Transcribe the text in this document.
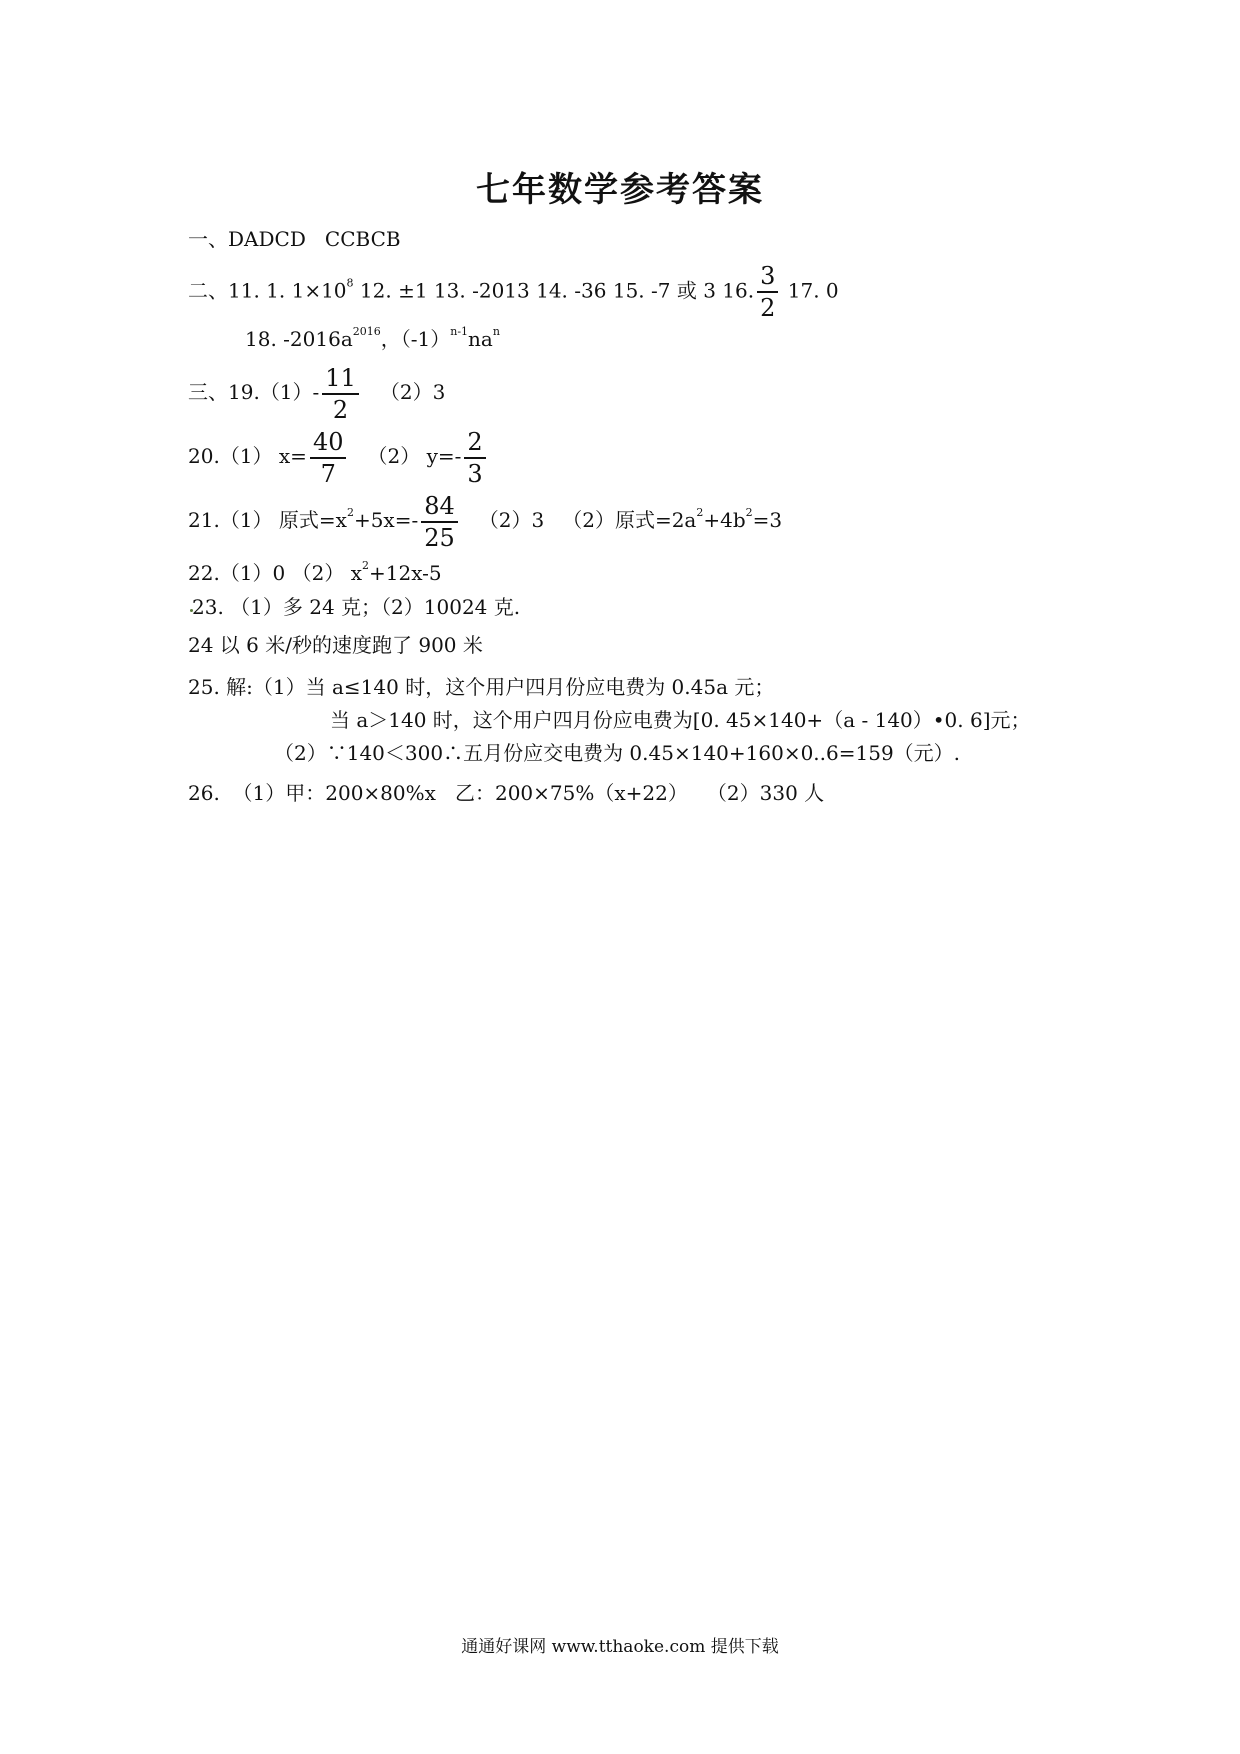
七年数学参考答案
一、DADCD   CCBCB
二、11. 1. $1\times 10^8$ 12. ±1 13. -2013 14. -36 15. -7 或 3 16. $\frac{3}{2} 17$. 0
18. $-2016a^{2016}$，$(-1)^{n-1}na^n$
三、$19.(1)- \frac{11}{2} (2)3$
20.（1） $x= \frac{40}{7} (2)$ $y=- \frac{2}{3}$
21.（1） 原式$=x^2+5x=- \frac{84}{25} (2)3$ （2）原式$=2a^2+4b^2=3$
22.（1）0 （2） $x^2+12x-5$
23. （1）多 24 克；（2）10024 克.
24 以 6 米/秒的速度跑了 900 米
25. 解:（1）当 a≤140 时，这个用户四月份应电费为 0.45a 元；
当 a＞140 时，这个用户四月份应电费为[0. 45×140+（a - 140）•0. 6]元；
（2）∵140＜300∴五月份应交电费为 0.45×140+160×0..6=159（元）.
26.  （1）甲：200×80%x   乙：200×75%（x+22）   （2）330 人
通通好课网 www.tthaoke.com 提供下载
